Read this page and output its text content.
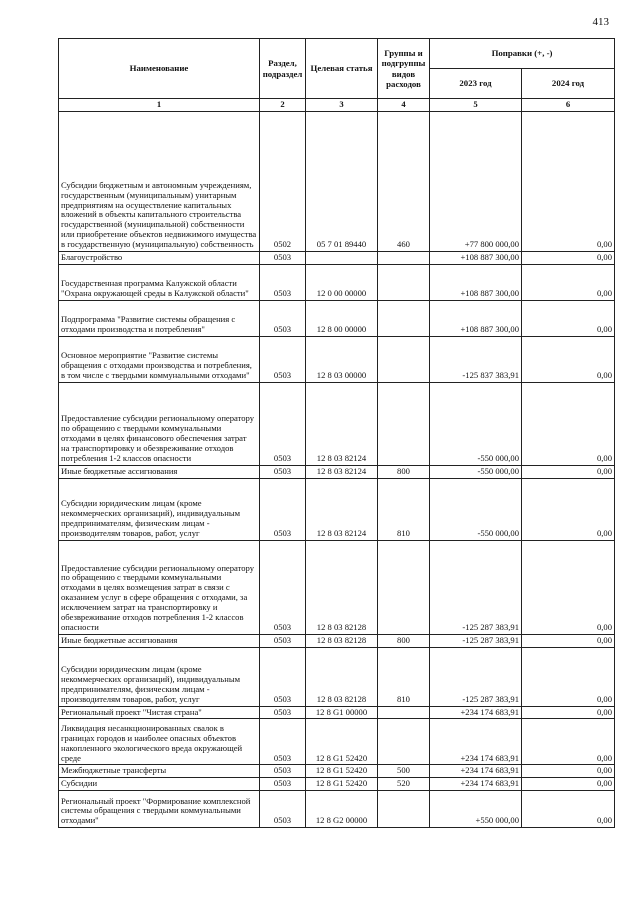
413
Наименование	Раздел, подраздел	Целевая статья	Группы и подгруппы видов расходов	Поправки (+, -)	
				2023 год	2024 год
1	2	3	4	5	6
Субсидии бюджетным и автономным учреждениям, государственным (муниципальным) унитарным предприятиям на осуществление капитальных вложений в объекты капитального строительства государственной (муниципальной) собственности или приобретение объектов недвижимого имущества в государственную (муниципальную) собственность	0502	05 7 01 89440	460	+77 800 000,00	0,00
Благоустройство	0503			+108 887 300,00	0,00
Государственная программа Калужской области "Охрана окружающей среды в Калужской области"	0503	12 0 00 00000		+108 887 300,00	0,00
Подпрограмма "Развитие системы обращения с отходами производства и потребления"	0503	12 8 00 00000		+108 887 300,00	0,00
Основное мероприятие "Развитие системы обращения с отходами производства и потребления, в том числе с твердыми коммунальными отходами"	0503	12 8 03 00000		-125 837 383,91	0,00
Предоставление субсидии региональному оператору по обращению с твердыми коммунальными отходами в целях финансового обеспечения затрат на транспортировку и обезвреживание отходов потребления 1-2 классов опасности	0503	12 8 03 82124		-550 000,00	0,00
Иные бюджетные ассигнования	0503	12 8 03 82124	800	-550 000,00	0,00
Субсидии юридическим лицам (кроме некоммерческих организаций), индивидуальным предпринимателям, физическим лицам - производителям товаров, работ, услуг	0503	12 8 03 82124	810	-550 000,00	0,00
Предоставление субсидии региональному оператору по обращению с твердыми коммунальными отходами в целях возмещения затрат в связи с оказанием услуг в сфере обращения с отходами, за исключением затрат на транспортировку и обезвреживание отходов потребления 1-2 классов опасности	0503	12 8 03 82128		-125 287 383,91	0,00
Иные бюджетные ассигнования	0503	12 8 03 82128	800	-125 287 383,91	0,00
Субсидии юридическим лицам (кроме некоммерческих организаций), индивидуальным предпринимателям, физическим лицам - производителям товаров, работ, услуг	0503	12 8 03 82128	810	-125 287 383,91	0,00
Региональный проект "Чистая страна"	0503	12 8 G1 00000		+234 174 683,91	0,00
Ликвидация несанкционированных свалок в границах городов и наиболее опасных объектов накопленного экологического вреда окружающей среде	0503	12 8 G1 52420		+234 174 683,91	0,00
Межбюджетные трансферты	0503	12 8 G1 52420	500	+234 174 683,91	0,00
Субсидии	0503	12 8 G1 52420	520	+234 174 683,91	0,00
Региональный проект "Формирование комплексной системы обращения с твердыми коммунальными отходами"	0503	12 8 G2 00000		+550 000,00	0,00
